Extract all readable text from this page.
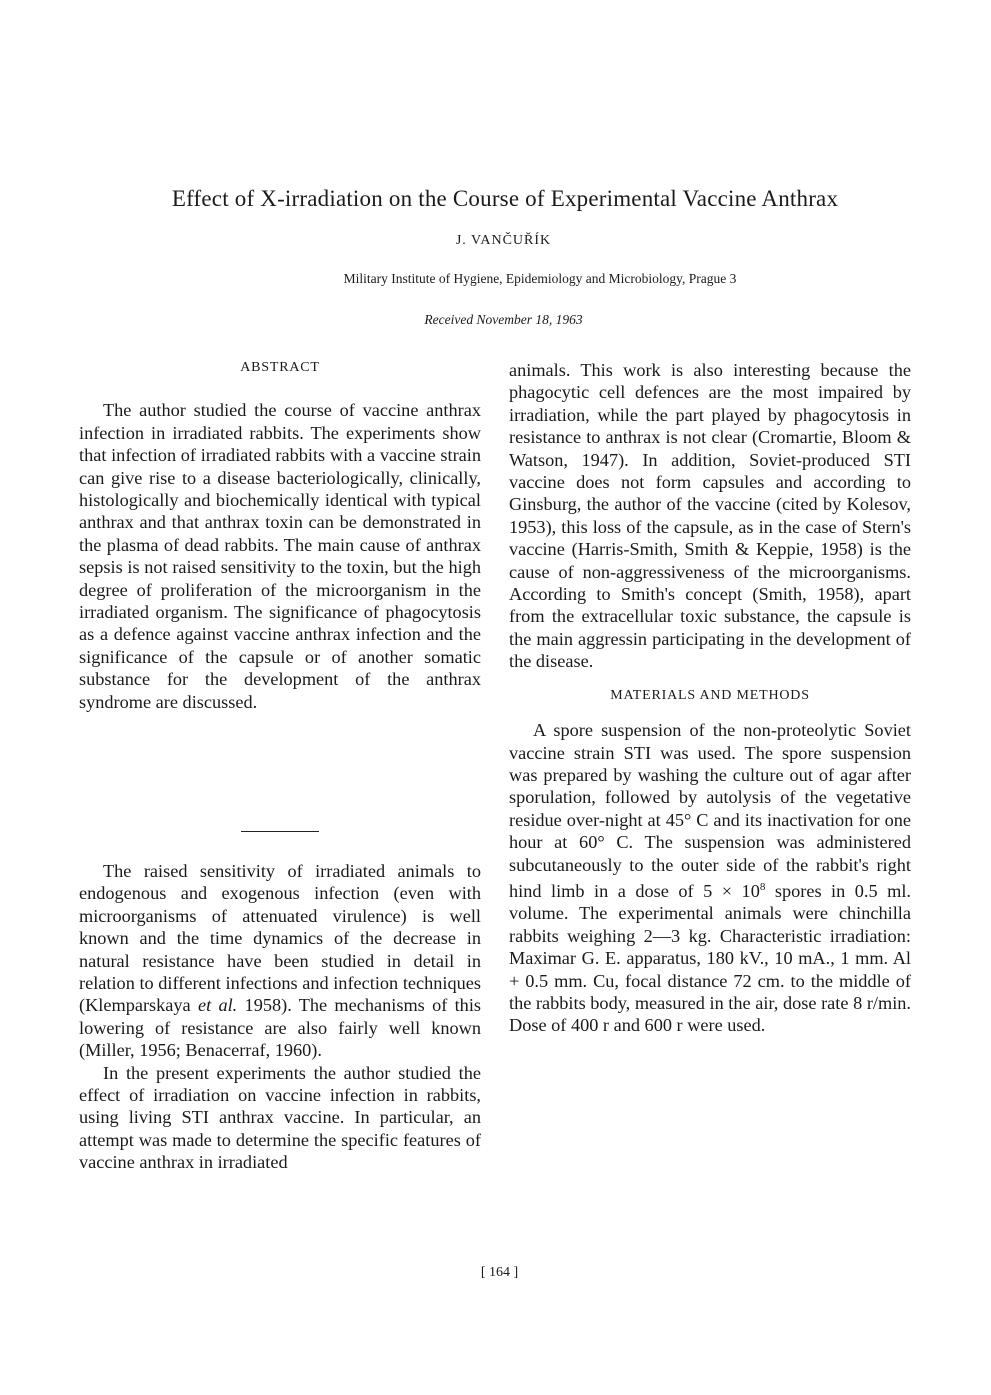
Effect of X-irradiation on the Course of Experimental Vaccine Anthrax
J. VANČUŘÍK
Military Institute of Hygiene, Epidemiology and Microbiology, Prague 3
Received November 18, 1963
ABSTRACT

The author studied the course of vaccine anthrax infection in irradiated rabbits. The experiments show that infection of irradiated rabbits with a vaccine strain can give rise to a disease bacteriologically, clinically, histologically and biochemically identical with typical anthrax and that anthrax toxin can be demonstrated in the plasma of dead rabbits. The main cause of anthrax sepsis is not raised sensitivity to the toxin, but the high degree of proliferation of the microorganism in the irradiated organism. The significance of phagocytosis as a defence against vaccine anthrax infection and the significance of the capsule or of another somatic substance for the development of the anthrax syndrome are discussed.

The raised sensitivity of irradiated animals to endogenous and exogenous infection (even with microorganisms of attenuated virulence) is well known and the time dynamics of the decrease in natural resistance have been studied in detail in relation to different infections and infection techniques (Klemparskaya et al. 1958). The mechanisms of this lowering of resistance are also fairly well known (Miller, 1956; Benacerraf, 1960).

In the present experiments the author studied the effect of irradiation on vaccine infection in rabbits, using living STI anthrax vaccine. In particular, an attempt was made to determine the specific features of vaccine anthrax in irradiated

animals. This work is also interesting because the phagocytic cell defences are the most impaired by irradiation, while the part played by phagocytosis in resistance to anthrax is not clear (Cromartie, Bloom & Watson, 1947). In addition, Soviet-produced STI vaccine does not form capsules and according to Ginsburg, the author of the vaccine (cited by Kolesov, 1953), this loss of the capsule, as in the case of Stern's vaccine (Harris-Smith, Smith & Keppie, 1958) is the cause of non-aggressiveness of the microorganisms. According to Smith's concept (Smith, 1958), apart from the extracellular toxic substance, the capsule is the main aggressin participating in the development of the disease.

MATERIALS AND METHODS

A spore suspension of the non-proteolytic Soviet vaccine strain STI was used. The spore suspension was prepared by washing the culture out of agar after sporulation, followed by autolysis of the vegetative residue over-night at 45° C and its inactivation for one hour at 60° C. The suspension was administered subcutaneously to the outer side of the rabbit's right hind limb in a dose of $5 \times 10^8$ spores in 0.5 ml. volume. The experimental animals were chinchilla rabbits weighing 2—3 kg. Characteristic irradiation: Maximar G. E. apparatus, 180 kV., 10 mA., 1 mm. Al + 0.5 mm. Cu, focal distance 72 cm. to the middle of the rabbits body, measured in the air, dose rate 8 r/min. Dose of 400 r and 600 r were used.

[ 164 ]
